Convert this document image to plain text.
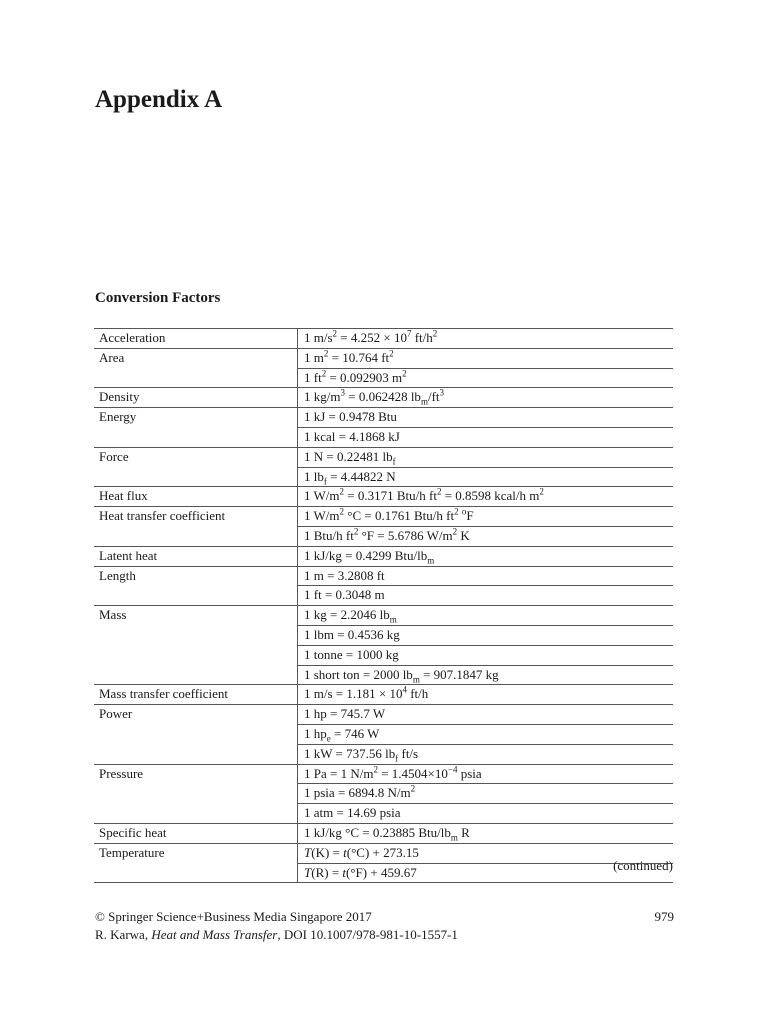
Appendix A
Conversion Factors
Acceleration	1 $m/s^2 = 4.252 \times 10^7$ $ft/h^2$
Area	1 $m^2 = 10.764$ $ft^2$
	1 $ft^2 = 0.092903$ $m^2$
Density	1 $kg/m^3 = 0.062428$ $lb_m/ft^3$
Energy	1 kJ = 0.9478 Btu
	1 kcal = 4.1868 kJ
Force	1 N = 0.22481 $lb_f$
	1 $lb_f = 4.44822$ N
Heat flux	1 $W/m^2 = 0.3171$ Btu/h $ft^2 = 0.8598$ kcal/h $m^2$
Heat transfer coefficient	1 $W/m^2$ °C = 0.1761 Btu/h $ft^2$ $^o$F
	1 Btu/h $ft^2$ °F = 5.6786 $W/m^2$ K
Latent heat	1 kJ/kg = 0.4299 Btu/$lb_m$
Length	1 m = 3.2808 ft
	1 ft = 0.3048 m
Mass	1 kg = 2.2046 $lb_m$
	1 lbm = 0.4536 kg
	1 tonne = 1000 kg
	1 short ton = 2000 $lb_m = 907.1847$ kg
Mass transfer coefficient	1 $m/s = 1.181 \times 10^4$ ft/h
Power	1 hp = 745.7 W
	1 $hp_e = 746$ W
	1 kW = 737.56 $lb_f$ ft/s
Pressure	1 Pa = 1 $N/m^2 = 1.4504\times 10^{-4}$ psia
	1 psia = 6894.8 $N/m^2$
	1 atm = 14.69 psia
Specific heat	1 kJ/kg °C = 0.23885 Btu/$lb_m$ R
Temperature	T(K) = t(°C) + 273.15
	T(R) = t(°F) + 459.67	(continued)
© Springer Science+Business Media Singapore 2017
R. Karwa, Heat and Mass Transfer, DOI 10.1007/978-981-10-1557-1
979
